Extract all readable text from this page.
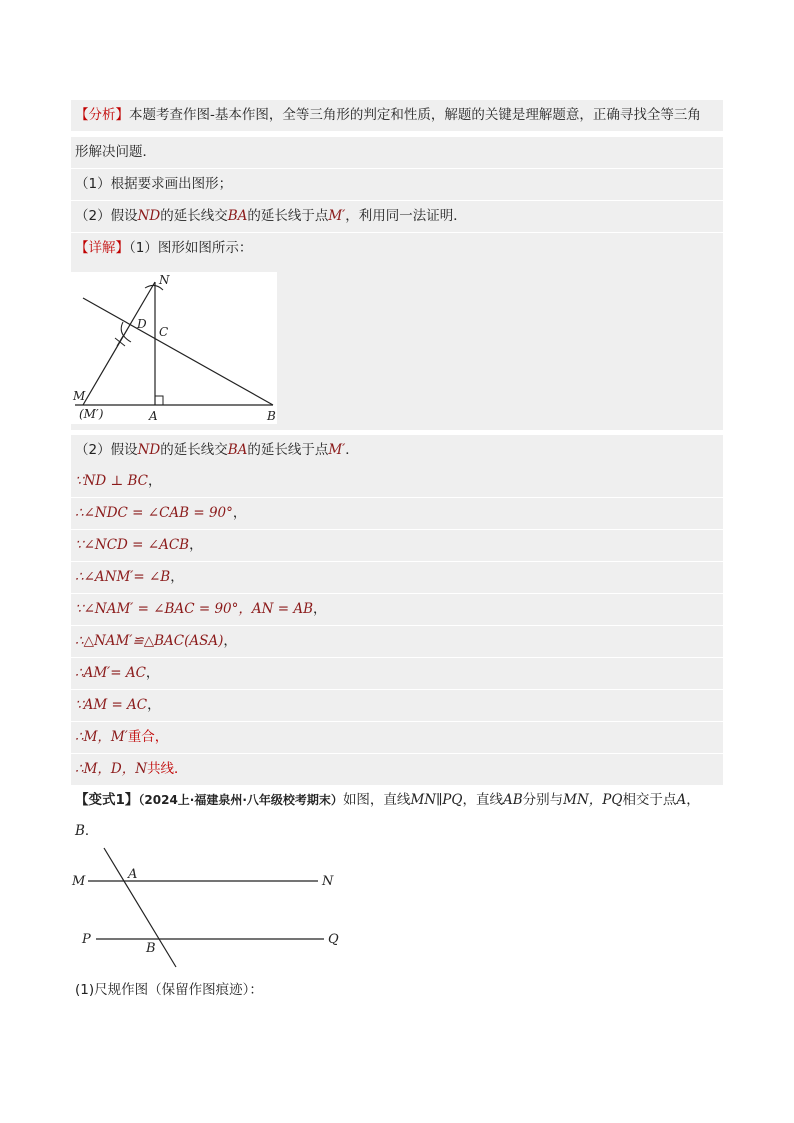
【分析】本题考查作图-基本作图，全等三角形的判定和性质，解题的关键是理解题意，正确寻找全等三角
形解决问题．
（1）根据要求画出图形；
（2）假设ND的延长线交BA的延长线于点M′，利用同一法证明．
【详解】（1）图形如图所示：
N
D
C
M
(M′)	A	B
（2）假设ND的延长线交BA的延长线于点M′．
∵ND ⊥ BC，
∴∠NDC = ∠CAB = 90°，
∵∠NCD = ∠ACB，
∴∠ANM′= ∠B，
∵∠NAM′ = ∠BAC = 90°，AN = AB，
∴△NAM′≌△BAC(ASA)，
∴AM′= AC，
∵AM = AC，
∴M，M′重合，
∴M，D，N共线．
【变式1】（2024上·福建泉州·八年级校考期末）如图，直线MN∥PQ，直线AB分别与MN，PQ相交于点A，
B．
M	A	N
P
B
Q
(1)尺规作图（保留作图痕迹）：
